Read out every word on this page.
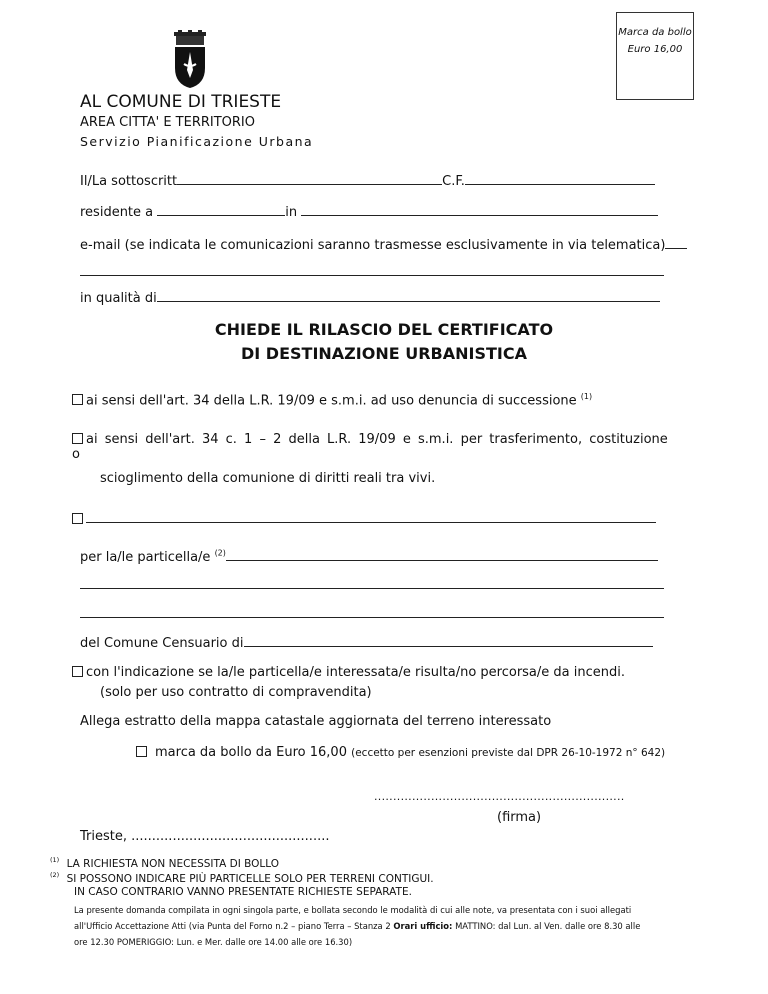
Marca da bollo
Euro 16,00
AL COMUNE DI TRIESTE
AREA CITTA' E TERRITORIO
Servizio Pianificazione Urbana
Il/La sottoscritt	C.F.
residente a	in
e-mail (se indicata le comunicazioni saranno trasmesse esclusivamente in via telematica)
in qualità di
CHIEDE IL RILASCIO DEL CERTIFICATO
DI DESTINAZIONE URBANISTICA
ai sensi dell'art. 34 della L.R. 19/09 e s.m.i. ad uso denuncia di successione $^{(1)}$
ai sensi dell'art. 34 c. 1 – 2 della L.R. 19/09 e s.m.i. per trasferimento, costituzione o
scioglimento della comunione di diritti reali tra vivi.
per la/le particella/e $^{(2)}$
del Comune Censuario di
con l'indicazione se la/le particella/e interessata/e risulta/no percorsa/e da incendi.
(solo per uso contratto di compravendita)
Allega estratto della mappa catastale aggiornata del terreno interessato
marca da bollo da Euro 16,00 (eccetto per esenzioni previste dal DPR 26-10-1972 n° 642)
..................................................................
(firma)
Trieste, ................................................
$^{(1)}$ LA RICHIESTA NON NECESSITA DI BOLLO
$^{(2)}$ SI POSSONO INDICARE PIÙ PARTICELLE SOLO PER TERRENI CONTIGUI.
IN CASO CONTRARIO VANNO PRESENTATE RICHIESTE SEPARATE.
La presente domanda compilata in ogni singola parte, e bollata secondo le modalità di cui alle note, va presentata con i suoi allegati
all'Ufficio Accettazione Atti (via Punta del Forno n.2 – piano Terra – Stanza 2 Orari ufficio: MATTINO: dal Lun. al Ven. dalle ore 8.30 alle
ore 12.30 POMERIGGIO: Lun. e Mer. dalle ore 14.00 alle ore 16.30)
